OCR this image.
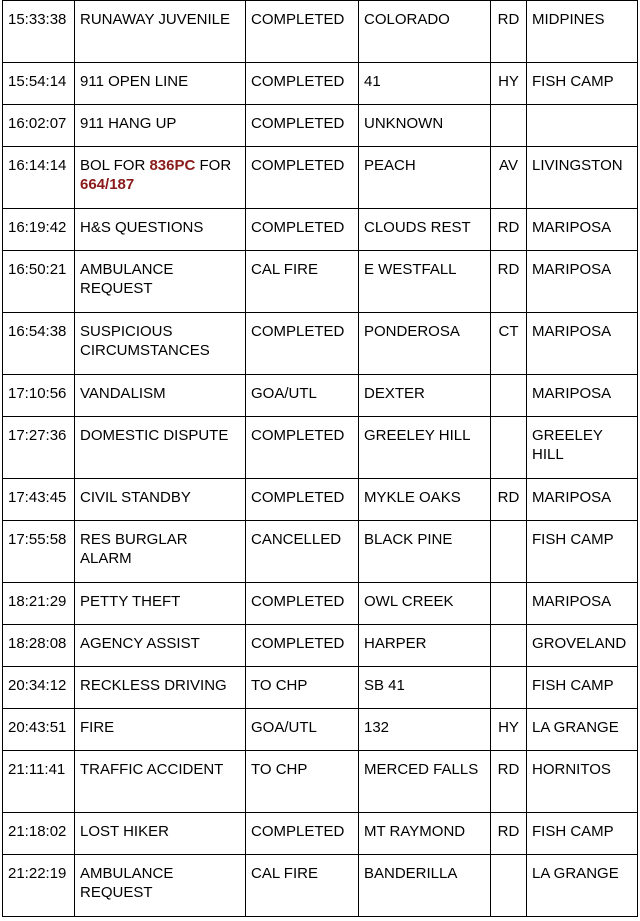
15:33:38	RUNAWAY JUVENILE	COMPLETED	COLORADO	RD	MIDPINES
15:54:14	911 OPEN LINE	COMPLETED	41	HY	FISH CAMP
16:02:07	911 HANG UP	COMPLETED	UNKNOWN		
16:14:14	BOL FOR 836PC FOR 664/187	COMPLETED	PEACH	AV	LIVINGSTON
16:19:42	H&S QUESTIONS	COMPLETED	CLOUDS REST	RD	MARIPOSA
16:50:21	AMBULANCE REQUEST	CAL FIRE	E WESTFALL	RD	MARIPOSA
16:54:38	SUSPICIOUS CIRCUMSTANCES	COMPLETED	PONDEROSA	CT	MARIPOSA
17:10:56	VANDALISM	GOA/UTL	DEXTER		MARIPOSA
17:27:36	DOMESTIC DISPUTE	COMPLETED	GREELEY HILL		GREELEY HILL
17:43:45	CIVIL STANDBY	COMPLETED	MYKLE OAKS	RD	MARIPOSA
17:55:58	RES BURGLAR ALARM	CANCELLED	BLACK PINE		FISH CAMP
18:21:29	PETTY THEFT	COMPLETED	OWL CREEK		MARIPOSA
18:28:08	AGENCY ASSIST	COMPLETED	HARPER		GROVELAND
20:34:12	RECKLESS DRIVING	TO CHP	SB 41		FISH CAMP
20:43:51	FIRE	GOA/UTL	132	HY	LA GRANGE
21:11:41	TRAFFIC ACCIDENT	TO CHP	MERCED FALLS	RD	HORNITOS
21:18:02	LOST HIKER	COMPLETED	MT RAYMOND	RD	FISH CAMP
21:22:19	AMBULANCE REQUEST	CAL FIRE	BANDERILLA		LA GRANGE
